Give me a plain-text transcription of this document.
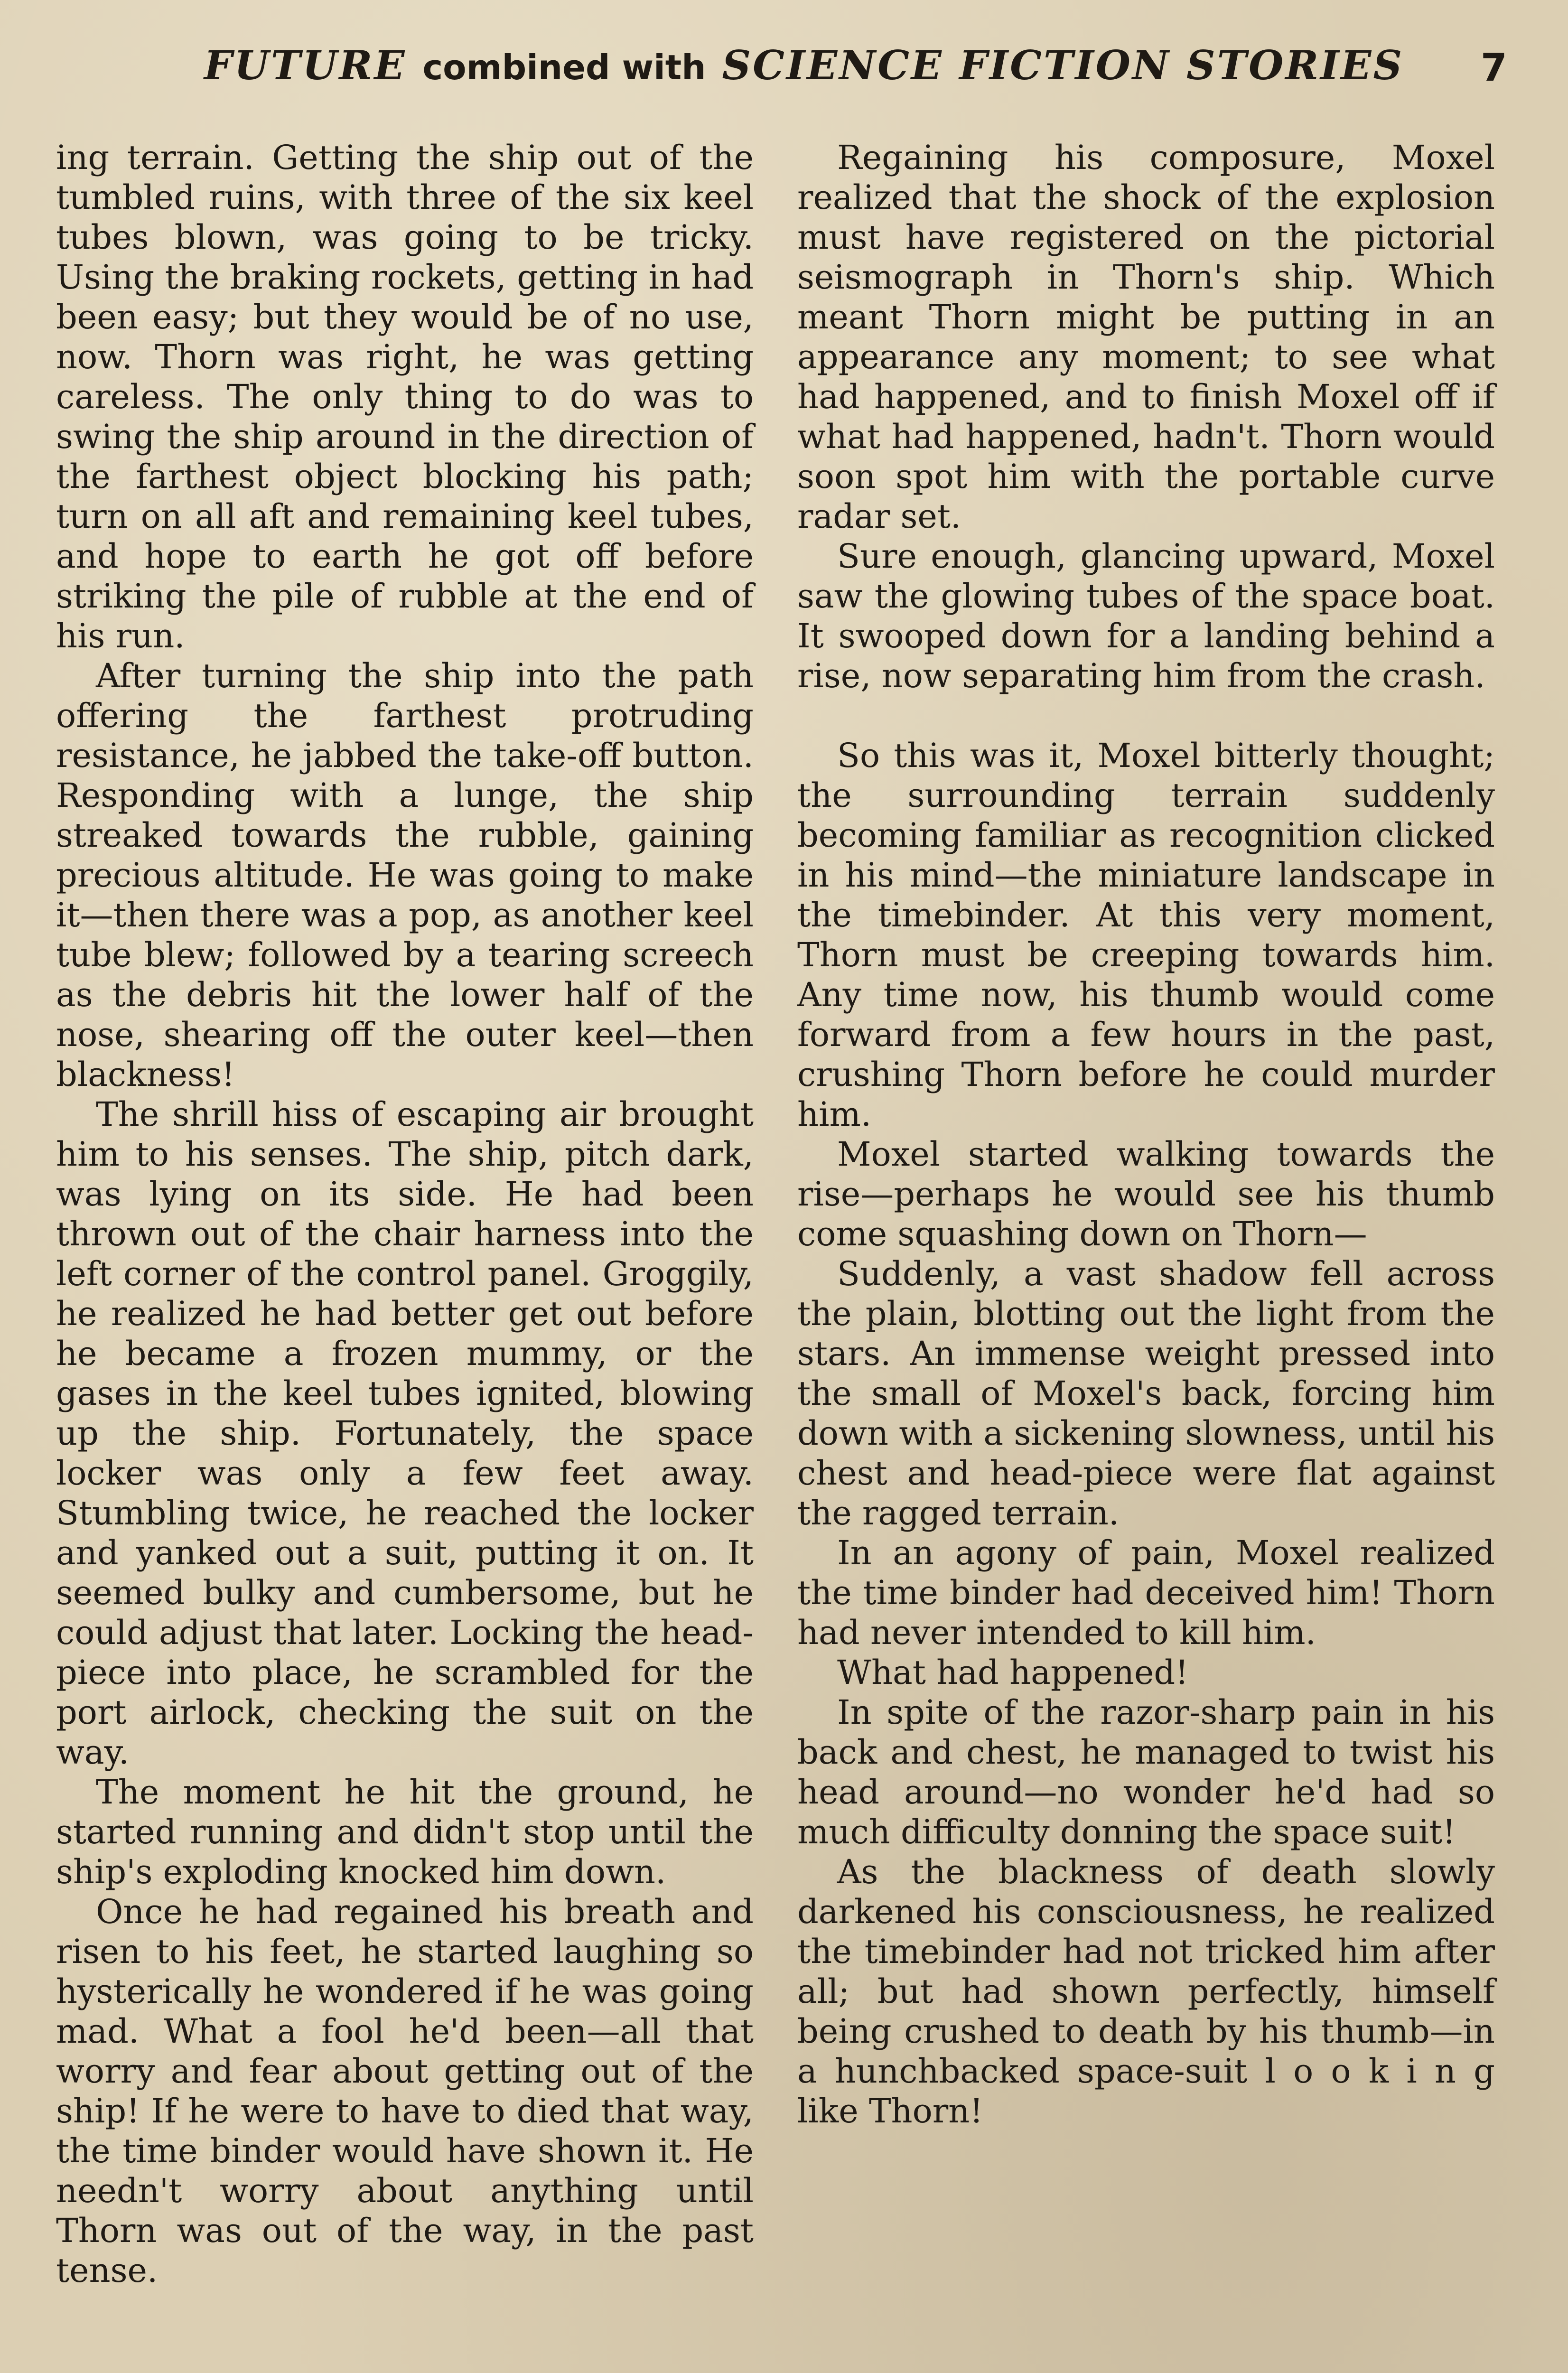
FUTURE combined with SCIENCE FICTION STORIES 7

ing terrain. Getting the ship out of the tumbled ruins, with three of the six keel tubes blown, was going to be tricky. Using the braking rockets, getting in had been easy; but they would be of no use, now. Thorn was right, he was getting careless. The only thing to do was to swing the ship around in the direction of the farthest object blocking his path; turn on all aft and remaining keel tubes, and hope to earth he got off before striking the pile of rubble at the end of his run.

After turning the ship into the path offering the farthest protruding resistance, he jabbed the take-off button. Responding with a lunge, the ship streaked towards the rubble, gaining precious altitude. He was going to make it—then there was a pop, as another keel tube blew; followed by a tearing screech as the debris hit the lower half of the nose, shearing off the outer keel—then blackness!

The shrill hiss of escaping air brought him to his senses. The ship, pitch dark, was lying on its side. He had been thrown out of the chair harness into the left corner of the control panel. Groggily, he realized he had better get out before he became a frozen mummy, or the gases in the keel tubes ignited, blowing up the ship. Fortunately, the space locker was only a few feet away. Stumbling twice, he reached the locker and yanked out a suit, putting it on. It seemed bulky and cumbersome, but he could adjust that later. Locking the head-piece into place, he scrambled for the port airlock, checking the suit on the way.

The moment he hit the ground, he started running and didn't stop until the ship's exploding knocked him down.

Once he had regained his breath and risen to his feet, he started laughing so hysterically he wondered if he was going mad. What a fool he'd been—all that worry and fear about getting out of the ship! If he were to have to died that way, the time binder would have shown it. He needn't worry about anything until Thorn was out of the way, in the past tense.

Regaining his composure, Moxel realized that the shock of the explosion must have registered on the pictorial seismograph in Thorn's ship. Which meant Thorn might be putting in an appearance any moment; to see what had happened, and to finish Moxel off if what had happened, hadn't. Thorn would soon spot him with the portable curve radar set.

Sure enough, glancing upward, Moxel saw the glowing tubes of the space boat. It swooped down for a landing behind a rise, now separating him from the crash.

So this was it, Moxel bitterly thought; the surrounding terrain suddenly becoming familiar as recognition clicked in his mind—the miniature landscape in the timebinder. At this very moment, Thorn must be creeping towards him. Any time now, his thumb would come forward from a few hours in the past, crushing Thorn before he could murder him.

Moxel started walking towards the rise—perhaps he would see his thumb come squashing down on Thorn—

Suddenly, a vast shadow fell across the plain, blotting out the light from the stars. An immense weight pressed into the small of Moxel's back, forcing him down with a sickening slowness, until his chest and head-piece were flat against the ragged terrain.

In an agony of pain, Moxel realized the time binder had deceived him! Thorn had never intended to kill him.

What had happened!

In spite of the razor-sharp pain in his back and chest, he managed to twist his head around—no wonder he'd had so much difficulty donning the space suit!

As the blackness of death slowly darkened his consciousness, he realized the timebinder had not tricked him after all; but had shown perfectly, himself being crushed to death by his thumb—in a hunchbacked space-suit l o o k i n g like Thorn!
